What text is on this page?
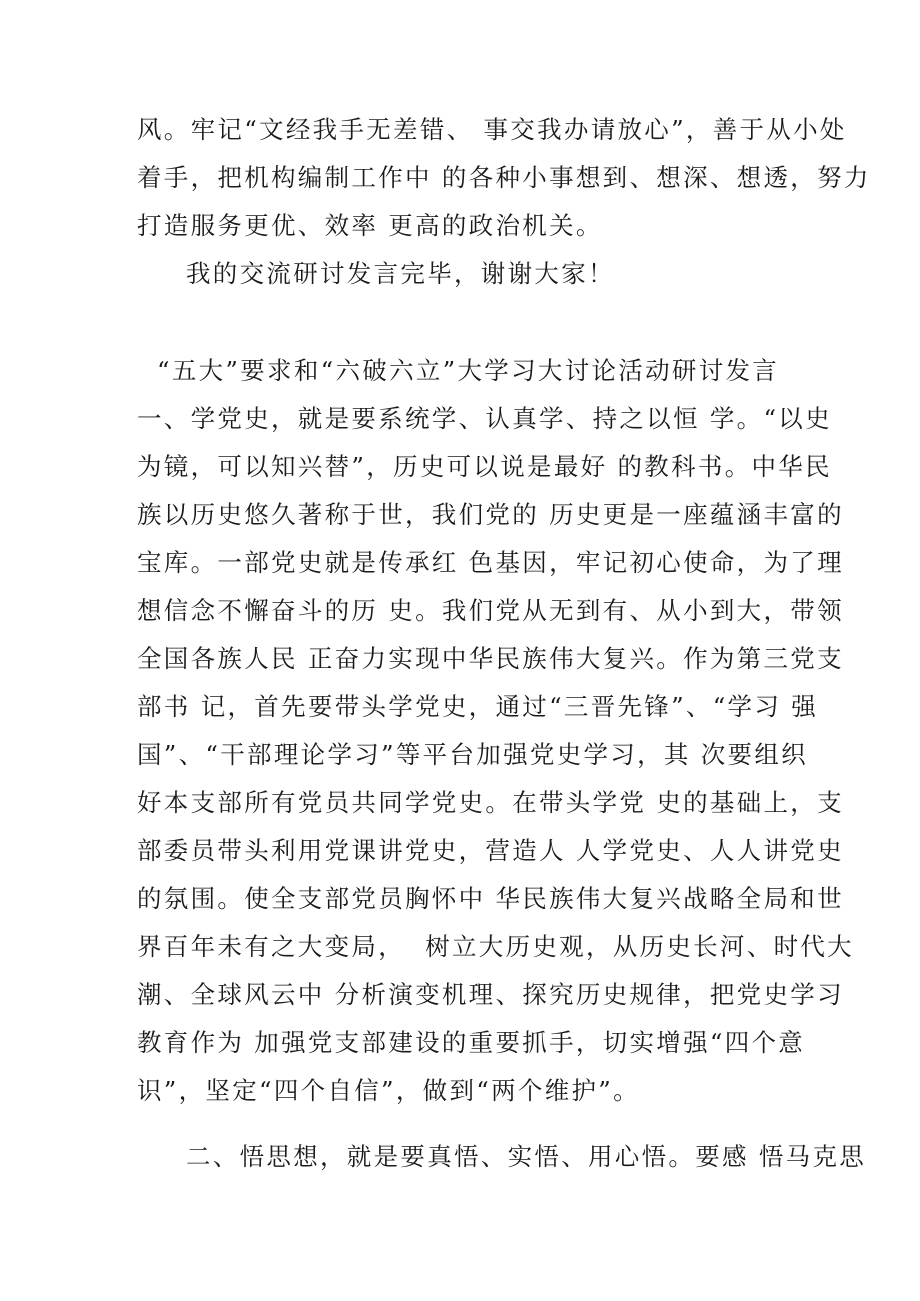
风。牢记“文经我手无差错、 事交我办请放心”，善于从小处
着手，把机构编制工作中 的各种小事想到、想深、想透，努力
打造服务更优、效率 更高的政治机关。
我的交流研讨发言完毕，谢谢大家！
“五大”要求和“六破六立”大学习大讨论活动研讨发言
一、学党史，就是要系统学、认真学、持之以恒 学。“以史
为镜，可以知兴替”，历史可以说是最好 的教科书。中华民
族以历史悠久著称于世，我们党的 历史更是一座蕴涵丰富的
宝库。一部党史就是传承红 色基因，牢记初心使命，为了理
想信念不懈奋斗的历 史。我们党从无到有、从小到大，带领
全国各族人民 正奋力实现中华民族伟大复兴。作为第三党支
部书 记，首先要带头学党史，通过“三晋先锋”、“学习 强
国”、“干部理论学习”等平台加强党史学习，其 次要组织
好本支部所有党员共同学党史。在带头学党 史的基础上，支
部委员带头利用党课讲党史，营造人 人学党史、人人讲党史
的氛围。使全支部党员胸怀中 华民族伟大复兴战略全局和世
界百年未有之大变局，  树立大历史观，从历史长河、时代大
潮、全球风云中 分析演变机理、探究历史规律，把党史学习
教育作为 加强党支部建设的重要抓手，切实增强“四个意
识”，坚定“四个自信”，做到“两个维护”。
二、悟思想，就是要真悟、实悟、用心悟。要感 悟马克思
